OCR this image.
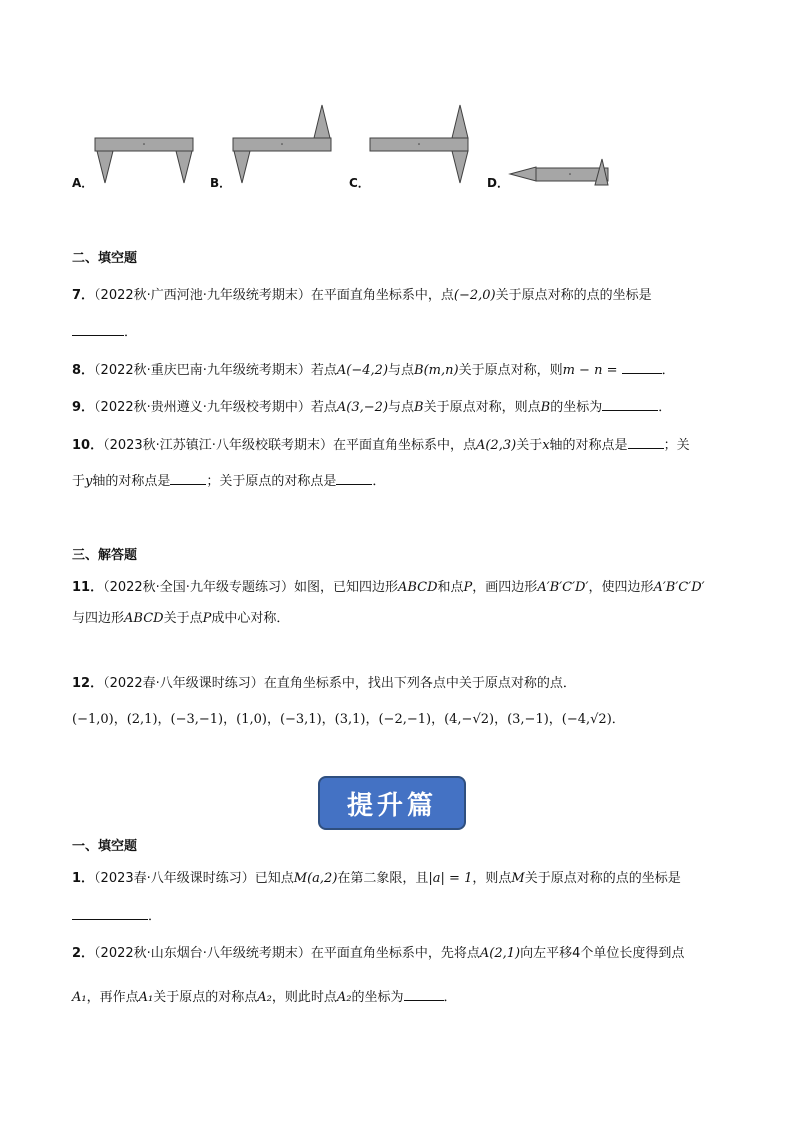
A．	B．	C．	D．
二、填空题
7．（2022秋·广西河池·九年级统考期末）在平面直角坐标系中，点(−2,0)关于原点对称的点的坐标是
．
8．（2022秋·重庆巴南·九年级统考期末）若点A(−4,2)与点B(m,n)关于原点对称，则m − n =	．
9．（2022秋·贵州遵义·九年级校考期中）若点A(3,−2)与点B关于原点对称，则点B的坐标为	．
10．（2023秋·江苏镇江·八年级校联考期末）在平面直角坐标系中，点A(2,3)关于x轴的对称点是	；关
于y轴的对称点是	；关于原点的对称点是	．
三、解答题
11．（2022秋·全国·九年级专题练习）如图，已知四边形ABCD和点P，画四边形A′B′C′D′，使四边形A′B′C′D′
与四边形ABCD关于点P成中心对称．
12．（2022春·八年级课时练习）在直角坐标系中，找出下列各点中关于原点对称的点．
(−1,0)，(2,1)，(−3,−1)，(1,0)，(−3,1)，(3,1)，(−2,−1)，(4,−√2)，(3,−1)，(−4,√2)．
提升篇
一、填空题
1．（2023春·八年级课时练习）已知点M(a,2)在第二象限，且|a| = 1，则点M关于原点对称的点的坐标是
．
2．（2022秋·山东烟台·八年级统考期末）在平面直角坐标系中，先将点A(2,1)向左平移4个单位长度得到点
A₁，再作点A₁关于原点的对称点A₂，则此时点A₂的坐标为	．
